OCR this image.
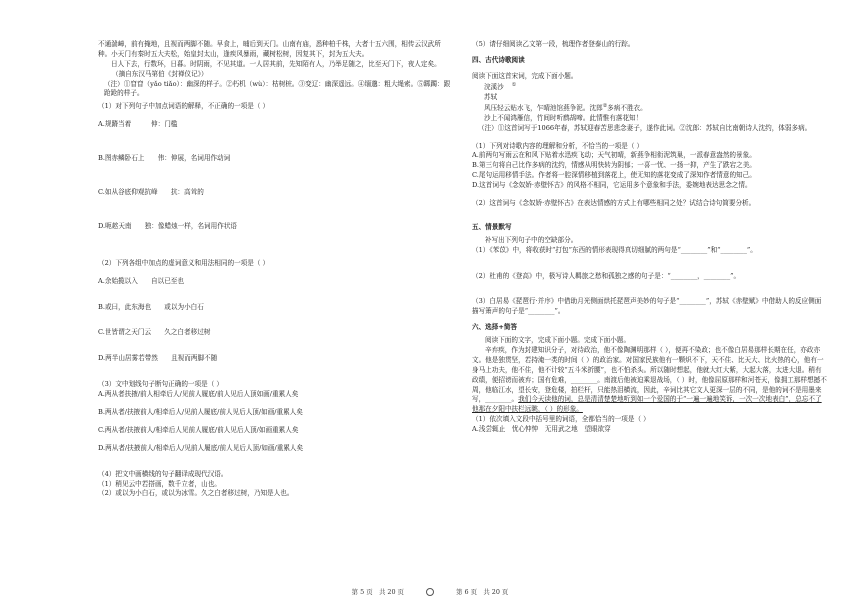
不通湍嶂，前有掩地，且视而两脚不随。早食上，晡后到天门。山南有庙，悉种柏千株，大者十五六围，相传云汉武所种。小天门有秦时五大夫松，始皇封太山，逢疾风暴雨，藏树松树，因复其下，封为五大夫。

日人下去，行数环，日暮。时阴雨，不见其道。一人居其前，先知陌有人，乃举足随之，比至天门下，夜人定矣。

（摘自东汉马第伯《封禅仪记》）

（注）①窅窅（yǎo tiǎo）：幽深的样子。②朽机（wù）：枯树桩。③变辽：幽深遥远。④缅邈：粗大绳索。⑤踯躅：跟跄跄的样子。

（1）对下列句子中加点词语的解释，不正确的一项是（ ）

A.规蹐当着　　　伸：门槛

B.图赤鳞卧石上　　伟：伸展，名词用作动词

C.如从谷底仰观抗峰　　抗：高耸的

D.呃趑天南　　独：像蜡烛一样，名词用作状语

（2）下列各组中加点的虚词意义和用法相同的一项是（ ）

A.余始揽以入　　自以已至也

B.或曰，此东海也　　或以为小白石

C.世皆谓之天门云　　久之白者移过树

D.两半山居雾若带然　　且视而两脚不随

（3）文中划线句子断句正确的一项是（ ）

A.两从者扶掖/前人相牵后人/见前人履底/前人见后人顶如画/重累人矣

B.两从者/扶掖前人/相牵后人/见前人履底/前人见后人顶/如画/重累人矣

C.两从者/扶掖前人/相牵后人见前人履底/前人见后人顶/如画重累人矣

D.两从者/扶掖前人/相牵后人/见前人履底/前人见后人顶/如画/重累人矣

（4）把文中画横线的句子翻译成现代汉语。

（1）稍见云中若搭画，数千立者，山也。

（2）或以为小白石，或以为冰雪。久之白者移过树，乃知是人也。

（5）请仔细阅读乙文第一段，梳理作者登泰山的行踪。

四、古代诗歌阅读

阅读下面这首宋词，完成下面小题。

浣溪沙 ①

苏轼

风压轻云贴水飞，乍晴池馆燕争泥。沈郎②多病不胜衣。

沙上不闻鸿雁信，竹间时听鹧鸪啼。此情惟有落花知！

（注）①这首词写于1066年春，苏轼迎春苦思悲念妻子，遂作此词。②沈郎：苏轼自比南朝诗人沈约，体弱多病。

（1）下列对诗歌内容的理解和分析，不恰当的一项是（ ）

A.前两句写雨云在和风下贴着水迅疾飞动；天气初晴，新燕争相衔泥筑巢，一派春意盎然的景象。

B.第三句将自己比作多病的沈约，情感从明快转为阴郁；一喜一忧、一扬一抑，产生了跌宕之美。

C.尾句运用移情手法。作者将一腔深情移植到落花上，使无知的落花变成了深知作者情意的知己。

D.这首词与《念奴娇·赤壁怀古》的风格不相同，它运用多个意象和手法，委婉地表达思念之情。

（2）这首词与《念奴娇·赤壁怀古》在表达情感的方式上有哪些相同之处？试结合诗句简要分析。

五、情景默写

补写出下列句子中的空缺部分。

（1）《苯苡》中，将收获时“打包”东西的情形表现得真切细腻的两句是“________”和“________”。

（2）杜甫的《登高》中，极写诗人羁旅之愁和孤独之感的句子是：“________，________”。

（3）白居易《琵琶行·并序》中借助月光侧面烘托琵琶声美妙的句子是“________”，苏轼《赤壁赋》中借助人的反应侧面描写箫声的句子是“________”。

六、选择+简答

阅读下面的文字，完成下面小题。完成下面小题。

辛弃疾，作为封建知识分子，对待政治，他不像陶渊明那样（ ），便再不染政；也不像白居易那样长期在任，亦政亦文。他是独贯坚，若持淹一类的时间（ ）的政治家。对国家民族他有一颗炽不下，天不住、比天大、比火热的心，他有一身马上功夫，他不住，他不计较“五斗米折腰”，也不怕杀头。所以随时想起，他就大红大紫，大起大落，太进大退。稍有政绩，便招谤而被弃；国有危难，________。南渡后他被迫乘退战场，（ ）时，他像屈原那样和河苍天，像拥工那样想撼不周，他临江水，望长安，登危楼，拍栏杆，只能热泪横流，因此，辛词比其它文人更深一层的不同，是他的词不是用墨来写，________。我们今天读他的词，总是清清楚楚地听到如一个爱国的于“一遍一遍地笑诉，一次一次地表白”，总忘不了他那在夕阳中扶栏远眺，（ ）的形象。

（1）依次填入文段中括号里的词语，全都恰当的一项是（ ）

A.浅尝辄止　忧心忡忡　无用武之地　望眼欲穿

第 5 页　共 20 页	第 6 页　共 20 页
